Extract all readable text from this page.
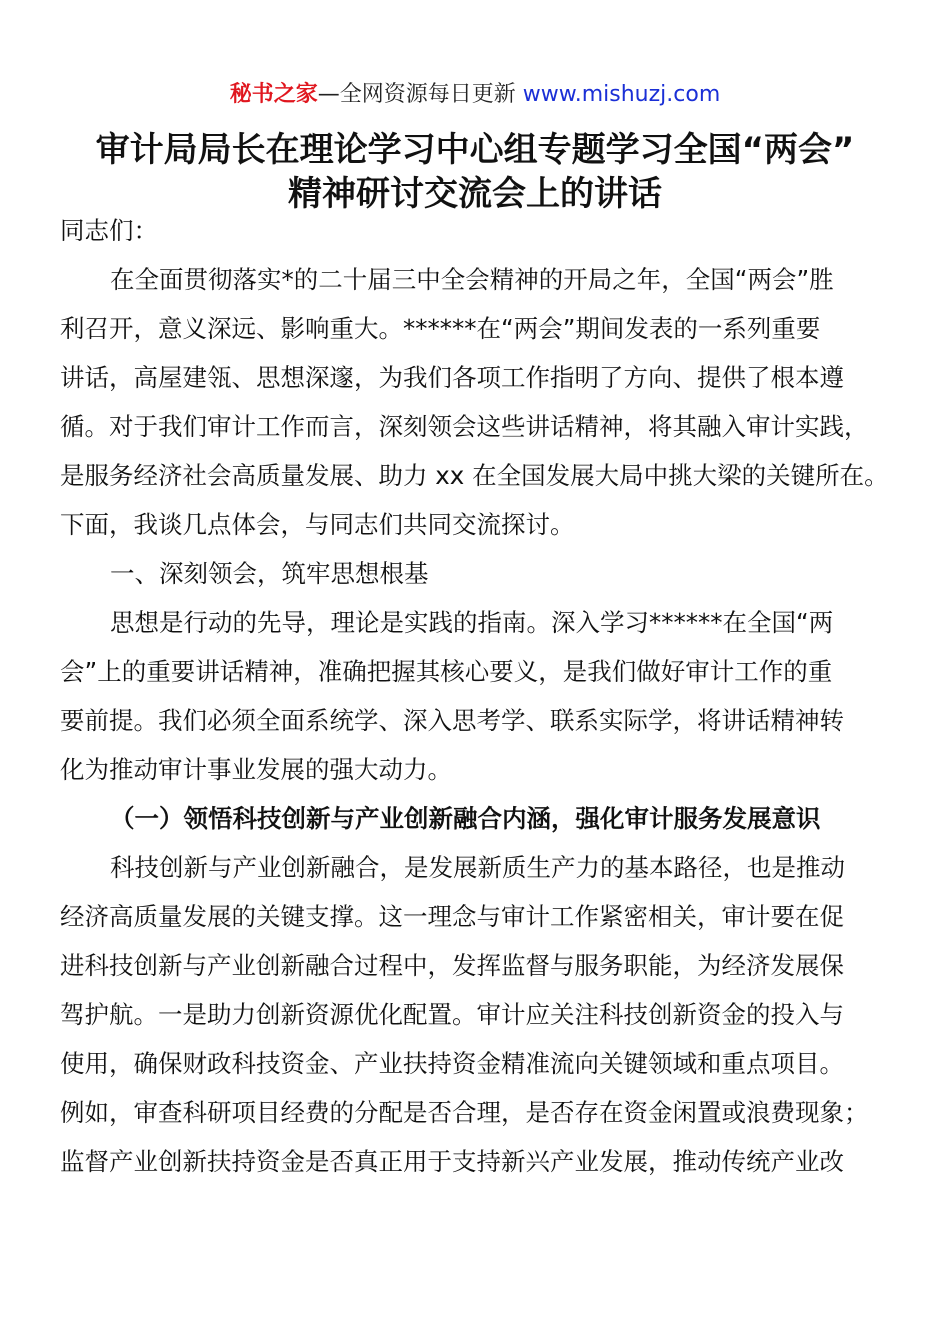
秘书之家—全网资源每日更新 www.mishuzj.com
审计局局长在理论学习中心组专题学习全国“两会”
精神研讨交流会上的讲话
同志们：
在全面贯彻落实*的二十届三中全会精神的开局之年，全国“两会”胜
利召开，意义深远、影响重大。******在“两会”期间发表的一系列重要
讲话，高屋建瓴、思想深邃，为我们各项工作指明了方向、提供了根本遵
循。对于我们审计工作而言，深刻领会这些讲话精神，将其融入审计实践，
是服务经济社会高质量发展、助力 xx 在全国发展大局中挑大梁的关键所在。
下面，我谈几点体会，与同志们共同交流探讨。
一、深刻领会，筑牢思想根基
思想是行动的先导，理论是实践的指南。深入学习******在全国“两
会”上的重要讲话精神，准确把握其核心要义，是我们做好审计工作的重
要前提。我们必须全面系统学、深入思考学、联系实际学，将讲话精神转
化为推动审计事业发展的强大动力。
（一）领悟科技创新与产业创新融合内涵，强化审计服务发展意识
科技创新与产业创新融合，是发展新质生产力的基本路径，也是推动
经济高质量发展的关键支撑。这一理念与审计工作紧密相关，审计要在促
进科技创新与产业创新融合过程中，发挥监督与服务职能，为经济发展保
驾护航。一是助力创新资源优化配置。审计应关注科技创新资金的投入与
使用，确保财政科技资金、产业扶持资金精准流向关键领域和重点项目。
例如，审查科研项目经费的分配是否合理，是否存在资金闲置或浪费现象；
监督产业创新扶持资金是否真正用于支持新兴产业发展，推动传统产业改
